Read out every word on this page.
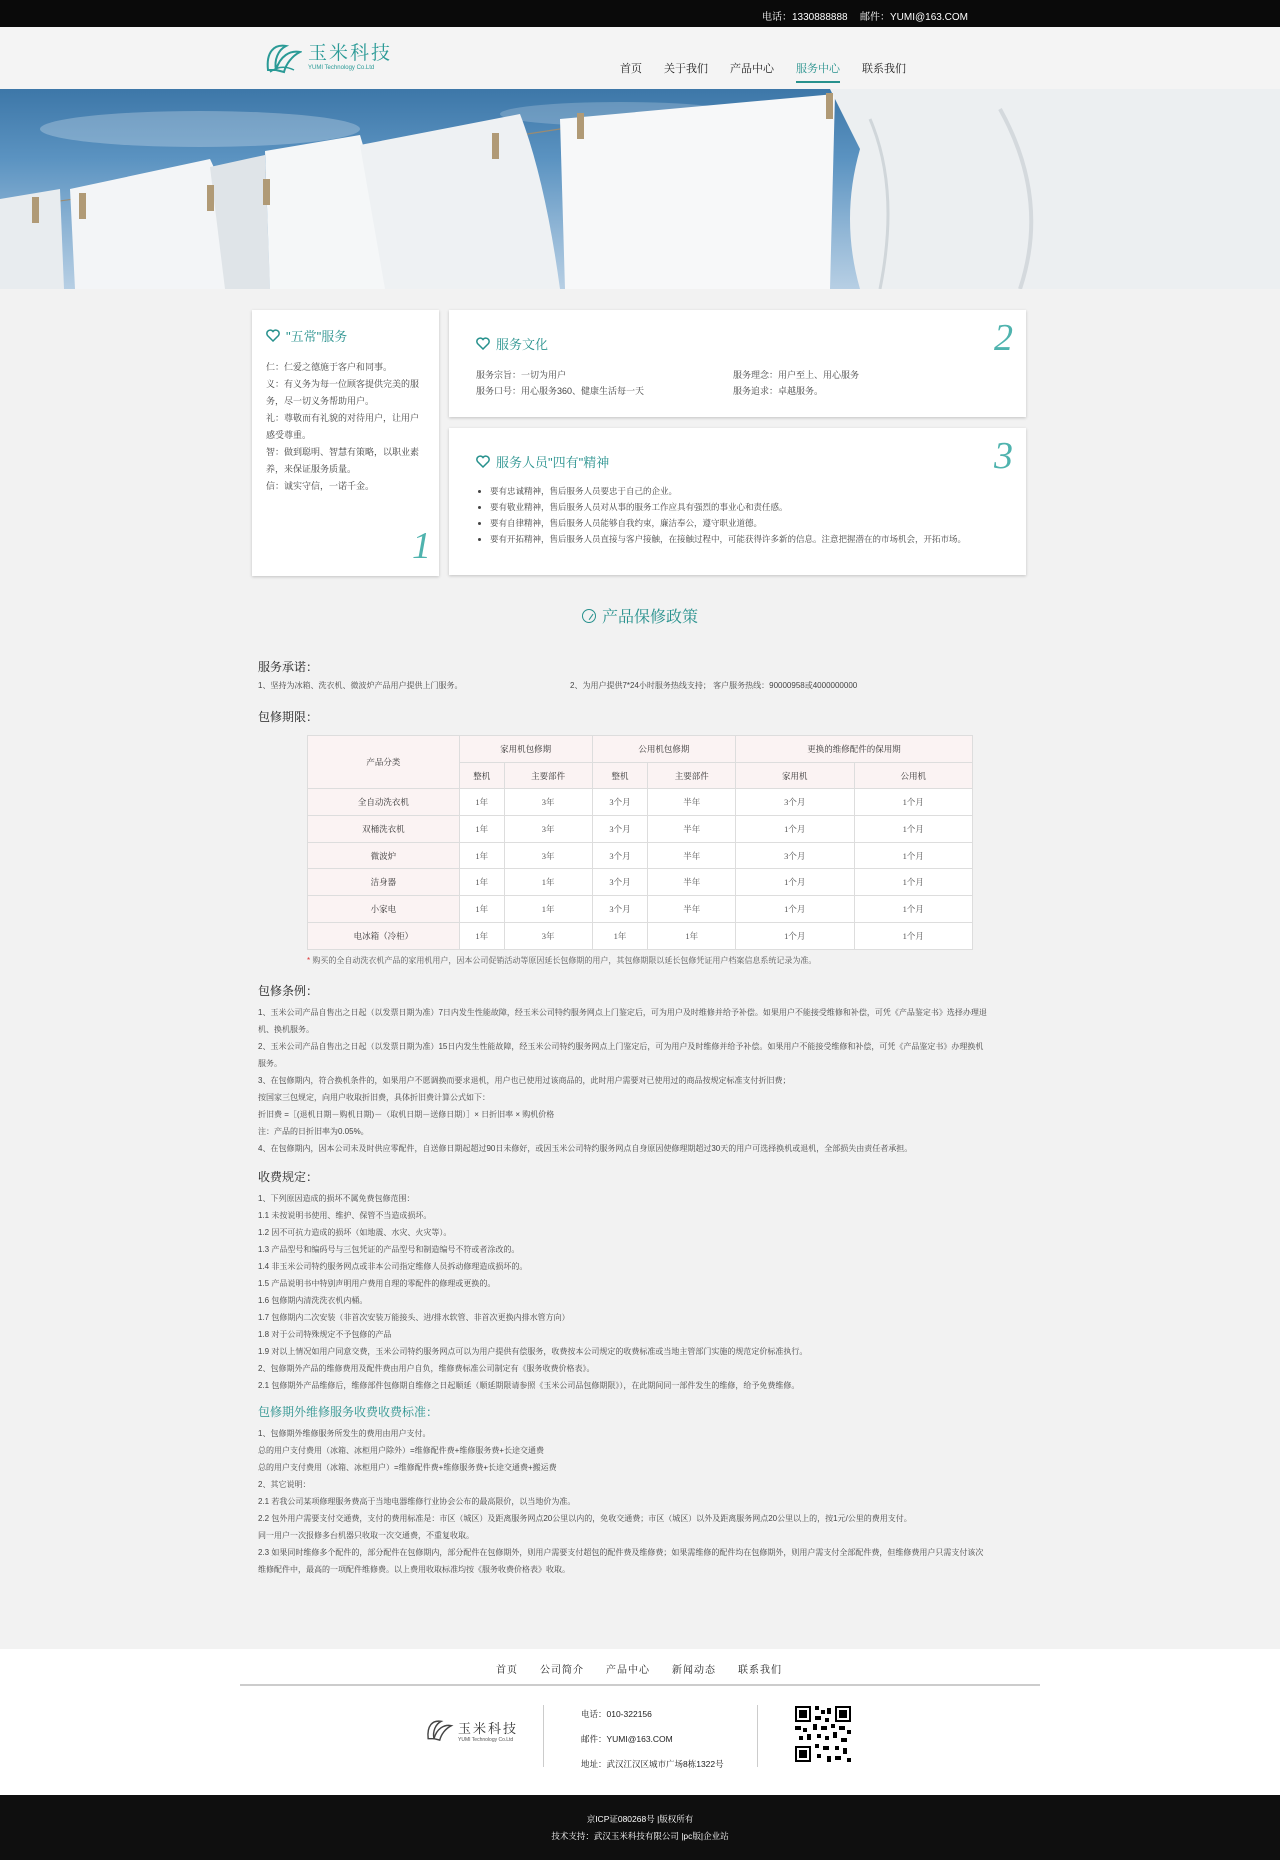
电话：1330888888 邮件：YUMI@163.COM
玉米科技
YUMI Technology Co.Ltd	首页 关于我们 产品中心 服务中心 联系我们
"五常"服务
仁：仁爱之德施于客户和同事。
义：有义务为每一位顾客提供完美的服
务，尽一切义务帮助用户。
礼：尊敬而有礼貌的对待用户，让用户
感受尊重。
智：做到聪明、智慧有策略，以职业素
养，来保证服务质量。
信：诚实守信，一诺千金。
1
服务文化
服务宗旨：一切为用户	服务理念：用户至上、用心服务
服务口号：用心服务360、健康生活每一天	服务追求：卓越服务。
2
服务人员"四有"精神
• 要有忠诚精神，售后服务人员要忠于自己的企业。
• 要有敬业精神，售后服务人员对从事的服务工作应具有强烈的事业心和责任感。
• 要有自律精神，售后服务人员能够自我约束，廉洁奉公，遵守职业道德。
• 要有开拓精神，售后服务人员直接与客户接触，在接触过程中，可能获得许多新的信息。注意把握潜在的市场机会，开拓市场。
3
产品保修政策
服务承诺：
1、坚持为冰箱、洗衣机、微波炉产品用户提供上门服务。	2、为用户提供7*24小时服务热线支持； 客户服务热线：90000958或4000000000
包修期限：
产品分类	家用机包修期		公用机包修期		更换的维修配件的保用期	
	整机	主要部件	整机	主要部件	家用机	公用机
全自动洗衣机	1年	3年	3个月	半年	3个月	1个月
双桶洗衣机	1年	3年	3个月	半年	1个月	1个月
微波炉	1年	3年	3个月	半年	3个月	1个月
洁身器	1年	1年	3个月	半年	1个月	1个月
小家电	1年	1年	3个月	半年	1个月	1个月
电冰箱（冷柜）	1年	3年	1年	1年	1个月	1个月
* 购买的全自动洗衣机产品的家用机用户，因本公司促销活动等原因延长包修期的用户，其包修期限以延长包修凭证用户档案信息系统记录为准。
包修条例：
1、玉米公司产品自售出之日起（以发票日期为准）7日内发生性能故障，经玉米公司特约服务网点上门鉴定后，可为用户及时维修并给予补偿。如果用户不能接受维修和补偿，可凭《产品鉴定书》选择办理退
机、换机服务。
2、玉米公司产品自售出之日起（以发票日期为准）15日内发生性能故障，经玉米公司特约服务网点上门鉴定后，可为用户及时维修并给予补偿。如果用户不能接受维修和补偿，可凭《产品鉴定书》办理换机
服务。
3、在包修期内，符合换机条件的，如果用户不愿调换而要求退机，用户也已使用过该商品的，此时用户需要对已使用过的商品按规定标准支付折旧费；
按国家三包规定，向用户收取折旧费，具体折旧费计算公式如下：
折旧费 =［(退机日期－购机日期)－（取机日期－送修日期）］× 日折旧率 × 购机价格
注：产品的日折旧率为0.05%。
4、在包修期内，因本公司未及时供应零配件，自送修日期起超过90日未修好，或因玉米公司特约服务网点自身原因使修理期超过30天的用户可选择换机或退机，全部损失由责任者承担。
收费规定：
1、下列原因造成的损坏不属免费包修范围：
1.1 未按说明书使用、维护、保管不当造成损坏。
1.2 因不可抗力造成的损坏（如地震、水灾、火灾等）。
1.3 产品型号和编码号与三包凭证的产品型号和制造编号不符或者涂改的。
1.4 非玉米公司特约服务网点或非本公司指定维修人员拆动修理造成损坏的。
1.5 产品说明书中特别声明用户费用自理的零配件的修理或更换的。
1.6 包修期内清洗洗衣机内桶。
1.7 包修期内二次安装（非首次安装万能接头、进/排水软管、非首次更换内排水管方向）
1.8 对于公司特殊规定不予包修的产品
1.9 对以上情况如用户同意交费，玉米公司特约服务网点可以为用户提供有偿服务，收费按本公司规定的收费标准或当地主管部门实施的规范定价标准执行。
2、包修期外产品的维修费用及配件费由用户自负，维修费标准公司制定有《服务收费价格表》。
2.1 包修期外产品维修后，维修部件包修期自维修之日起顺延（顺延期限请参照《玉米公司品包修期限》），在此期间同一部件发生的维修，给予免费维修。
包修期外维修服务收费收费标准：
1、包修期外维修服务所发生的费用由用户支付。
总的用户支付费用（冰箱、冰柜用户除外）=维修配件费+维修服务费+长途交通费
总的用户支付费用（冰箱、冰柜用户）=维修配件费+维修服务费+长途交通费+搬运费
2、其它说明：
2.1 若我公司某项修理服务费高于当地电器维修行业协会公布的最高限价，以当地价为准。
2.2 包外用户需要支付交通费，支付的费用标准是：市区（城区）及距离服务网点20公里以内的，免收交通费；市区（城区）以外及距离服务网点20公里以上的，按1元/公里的费用支付。
同一用户一次报修多台机器只收取一次交通费，不重复收取。
2.3 如果同时维修多个配件的，部分配件在包修期内，部分配件在包修期外，则用户需要支付超包的配件费及维修费；如果需维修的配件均在包修期外，则用户需支付全部配件费，但维修费用户只需支付该次
维修配件中，最高的一项配件维修费。以上费用收取标准均按《服务收费价格表》收取。
首页 公司简介 产品中心 新闻动态 联系我们
玉米科技
YUMI Technology Co.Ltd
电话：010-322156
邮件：YUMI@163.COM
地址：武汉江汉区城市广场8栋1322号
京ICP证080268号 |版权所有
技术支持：武汉玉米科技有限公司 |pc版|企业站
